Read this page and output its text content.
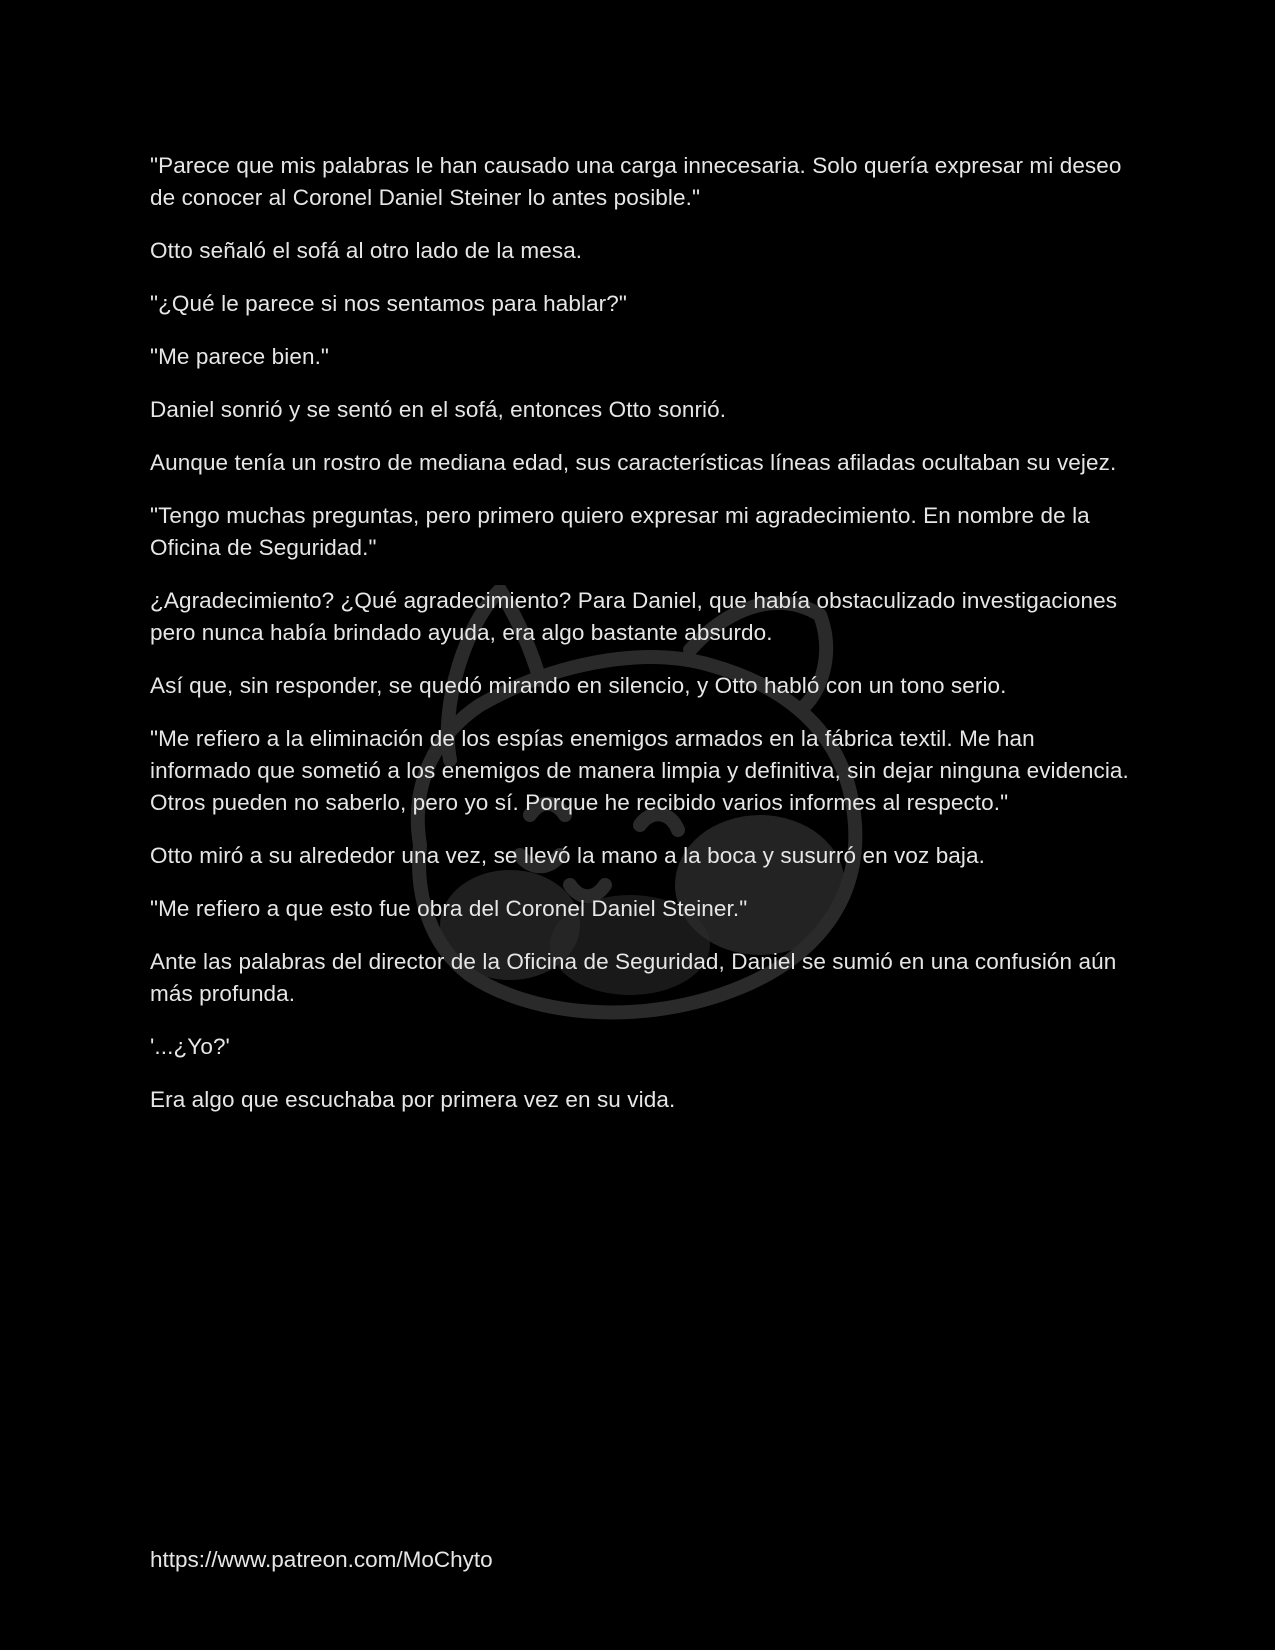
"Parece que mis palabras le han causado una carga innecesaria. Solo quería expresar mi deseo de conocer al Coronel Daniel Steiner lo antes posible."

Otto señaló el sofá al otro lado de la mesa.

"¿Qué le parece si nos sentamos para hablar?"

"Me parece bien."

Daniel sonrió y se sentó en el sofá, entonces Otto sonrió.

Aunque tenía un rostro de mediana edad, sus características líneas afiladas ocultaban su vejez.

"Tengo muchas preguntas, pero primero quiero expresar mi agradecimiento. En nombre de la Oficina de Seguridad."

¿Agradecimiento? ¿Qué agradecimiento? Para Daniel, que había obstaculizado investigaciones pero nunca había brindado ayuda, era algo bastante absurdo.

Así que, sin responder, se quedó mirando en silencio, y Otto habló con un tono serio.

"Me refiero a la eliminación de los espías enemigos armados en la fábrica textil. Me han informado que sometió a los enemigos de manera limpia y definitiva, sin dejar ninguna evidencia. Otros pueden no saberlo, pero yo sí. Porque he recibido varios informes al respecto."

Otto miró a su alrededor una vez, se llevó la mano a la boca y susurró en voz baja.

"Me refiero a que esto fue obra del Coronel Daniel Steiner."

Ante las palabras del director de la Oficina de Seguridad, Daniel se sumió en una confusión aún más profunda.

'...¿Yo?'

Era algo que escuchaba por primera vez en su vida.

https://www.patreon.com/MoChyto
